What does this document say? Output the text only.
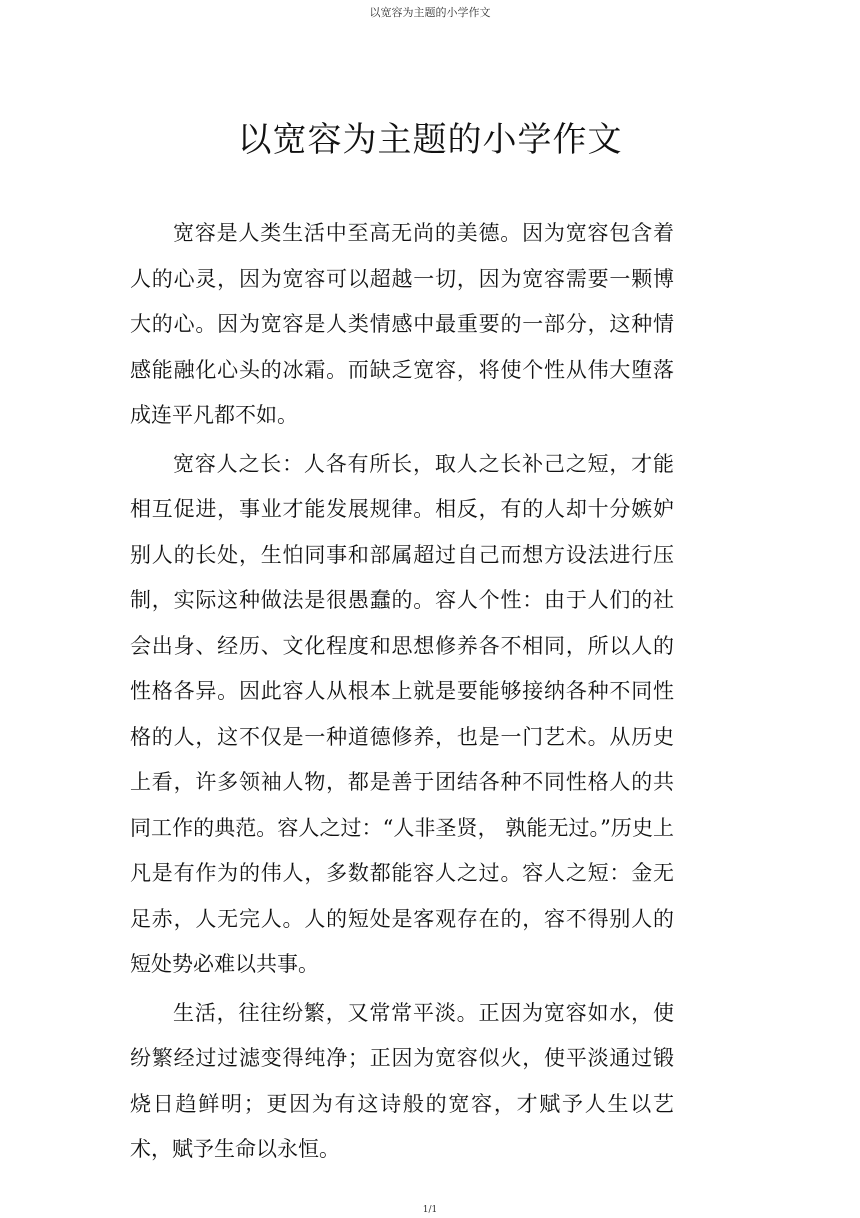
以宽容为主题的小学作文
以宽容为主题的小学作文

宽容是人类生活中至高无尚的美德。因为宽容包含着人的心灵，因为宽容可以超越一切，因为宽容需要一颗博大的心。因为宽容是人类情感中最重要的一部分，这种情感能融化心头的冰霜。而缺乏宽容，将使个性从伟大堕落成连平凡都不如。

宽容人之长：人各有所长，取人之长补己之短，才能相互促进，事业才能发展规律。相反，有的人却十分嫉妒别人的长处，生怕同事和部属超过自己而想方设法进行压制，实际这种做法是很愚蠢的。容人个性：由于人们的社会出身、经历、文化程度和思想修养各不相同，所以人的性格各异。因此容人从根本上就是要能够接纳各种不同性格的人，这不仅是一种道德修养，也是一门艺术。从历史上看，许多领袖人物，都是善于团结各种不同性格人的共同工作的典范。容人之过：“人非圣贤， 孰能无过。”历史上凡是有作为的伟人，多数都能容人之过。容人之短：金无足赤，人无完人。人的短处是客观存在的，容不得别人的短处势必难以共事。

生活，往往纷繁，又常常平淡。正因为宽容如水，使纷繁经过过滤变得纯净；正因为宽容似火，使平淡通过锻烧日趋鲜明；更因为有这诗般的宽容，才赋予人生以艺术，赋予生命以永恒。

1/1
